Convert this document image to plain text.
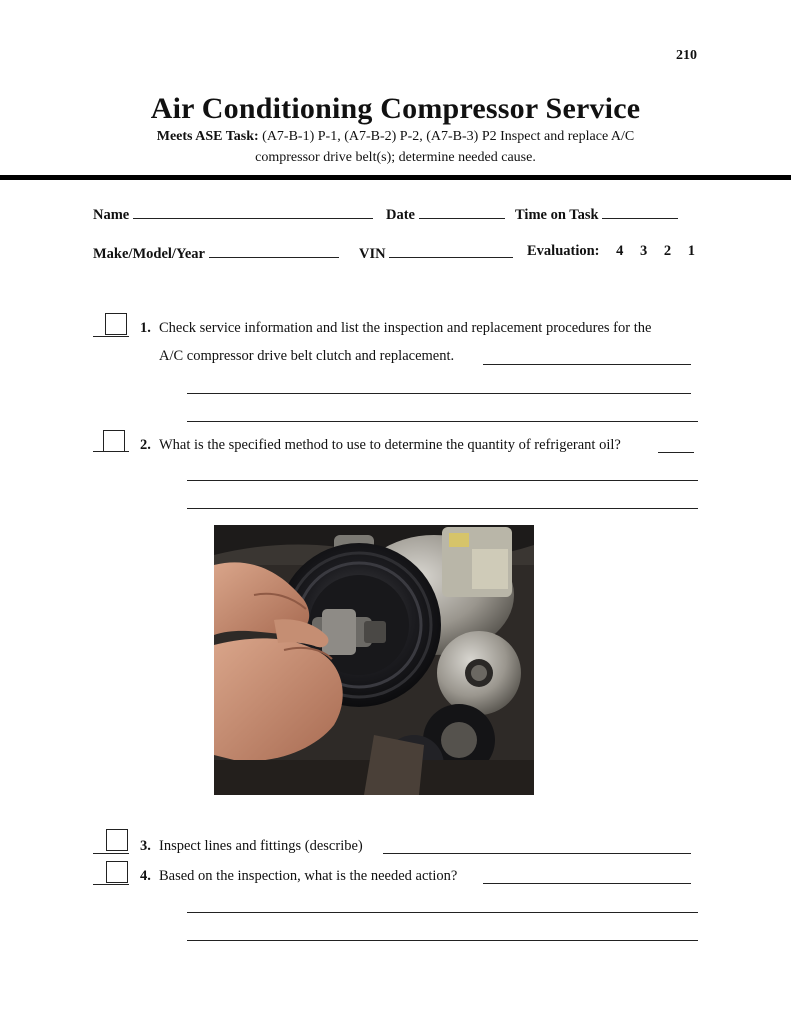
210
Air Conditioning Compressor Service
Meets ASE Task: (A7-B-1) P-1, (A7-B-2) P-2, (A7-B-3) P2 Inspect and replace A/C
compressor drive belt(s); determine needed cause.
Name	Date	Time on Task
Make/Model/Year	VIN	Evaluation: 4 3 2 1
1. Check service information and list the inspection and replacement procedures for the
A/C compressor drive belt clutch and replacement.
2. What is the specified method to use to determine the quantity of refrigerant oil?
3. Inspect lines and fittings (describe)
4. Based on the inspection, what is the needed action?
